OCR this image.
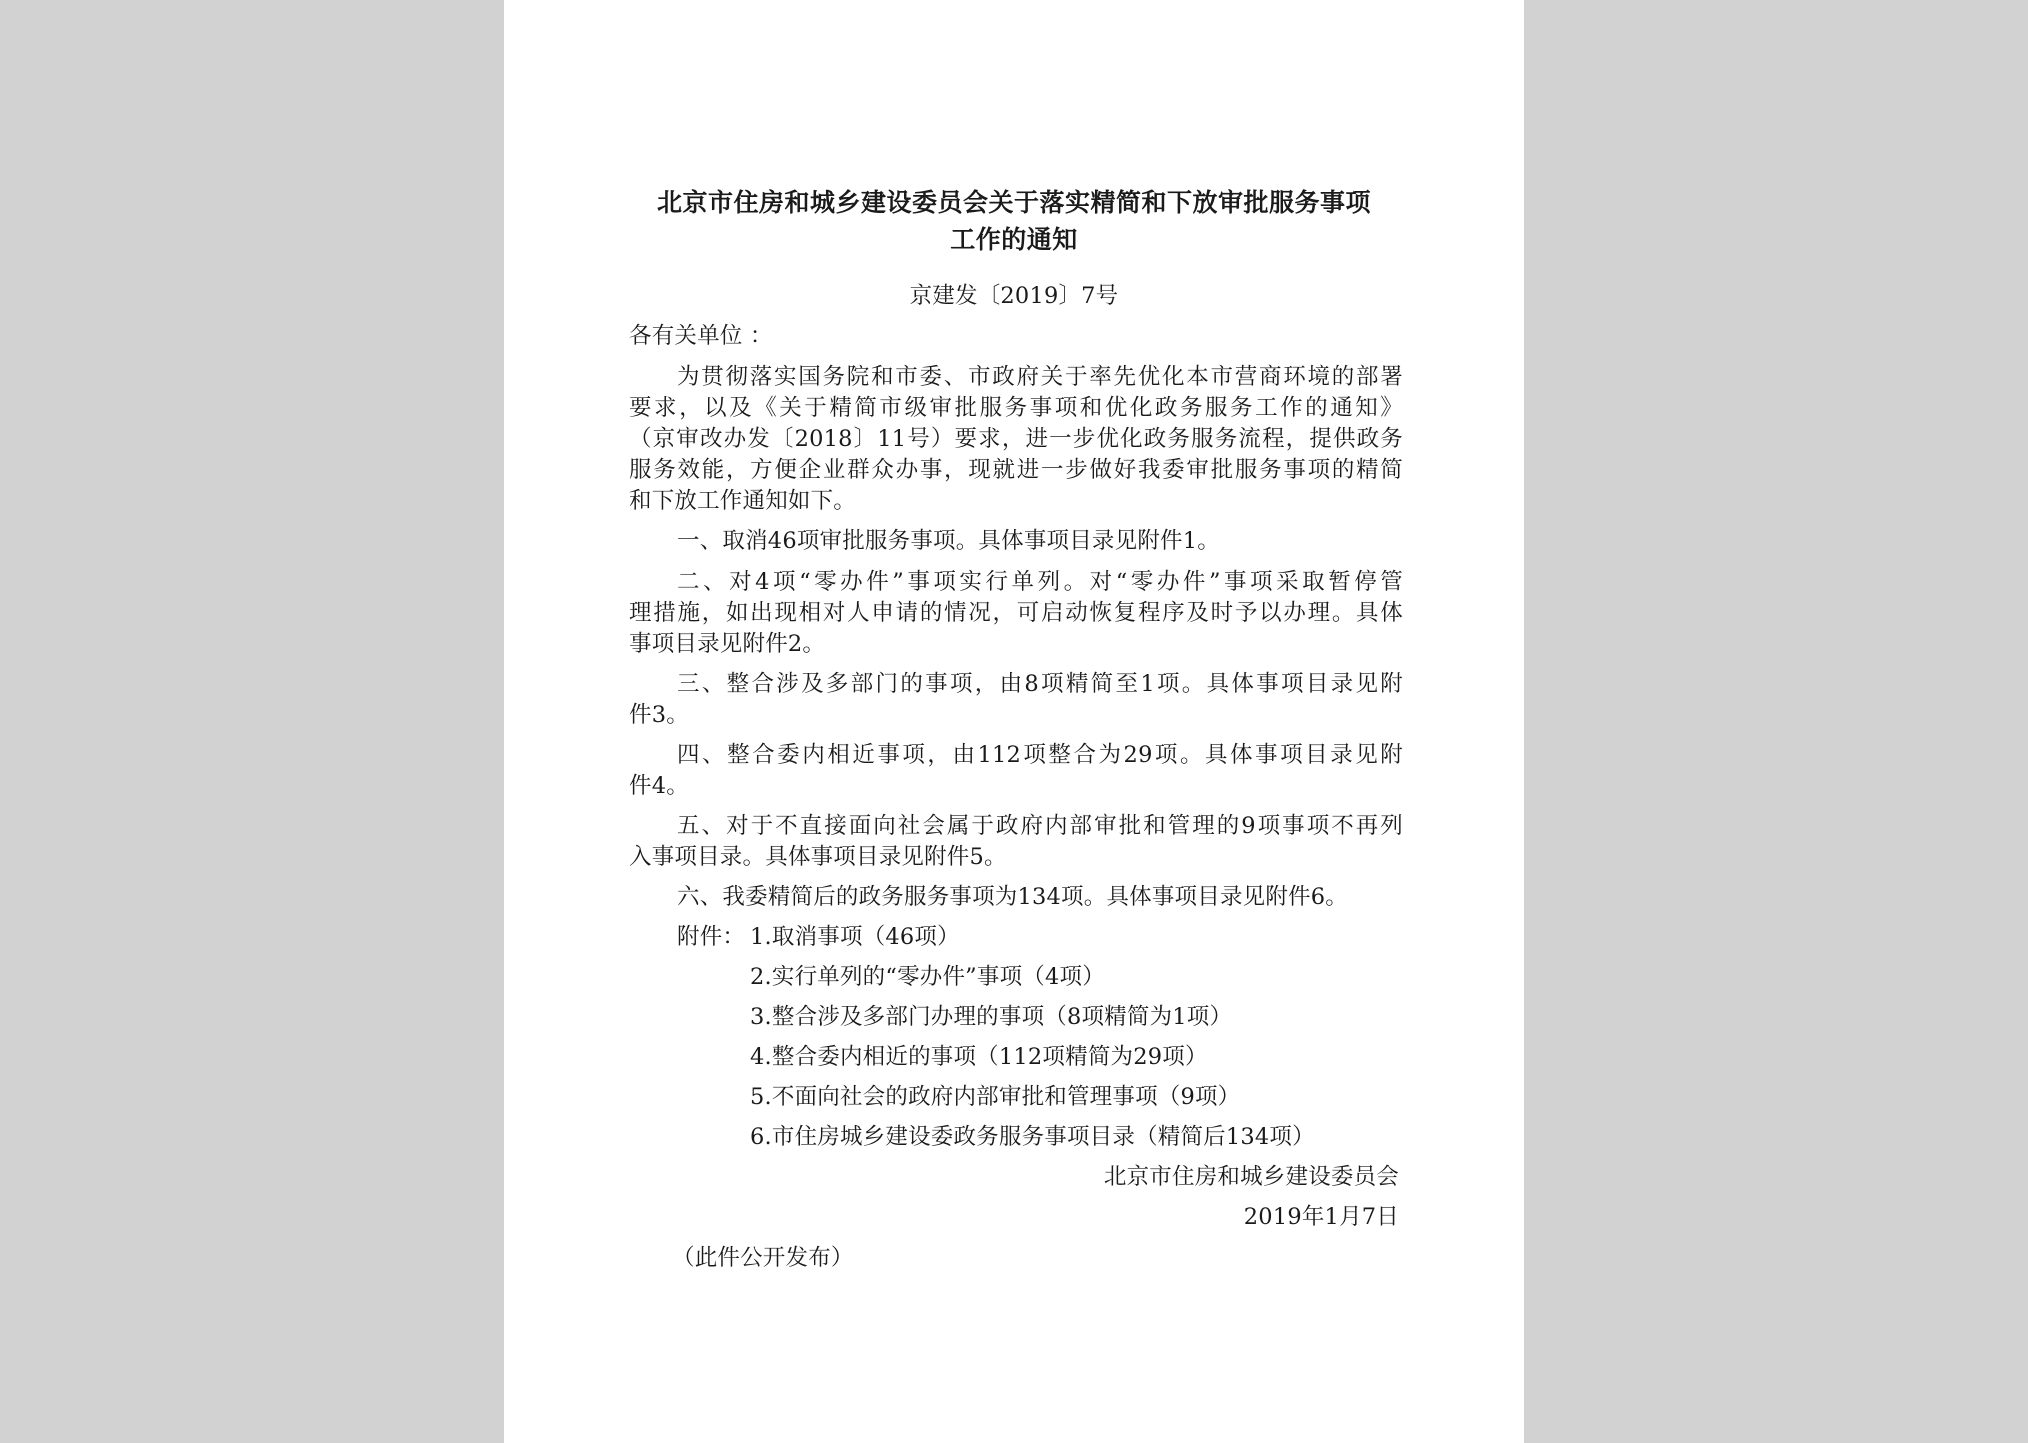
北京市住房和城乡建设委员会关于落实精简和下放审批服务事项
工作的通知
京建发〔2019〕7号
各有关单位 ：
为贯彻落实国务院和市委、市政府关于率先优化本市营商环境的部署
要求，以及《关于精简市级审批服务事项和优化政务服务工作的通知》
（京审改办发〔2018〕11号）要求，进一步优化政务服务流程，提供政务
服务效能，方便企业群众办事，现就进一步做好我委审批服务事项的精简
和下放工作通知如下。
一、取消46项审批服务事项。具体事项目录见附件1。
二、对4项“零办件”事项实行单列。对“零办件”事项采取暂停管
理措施，如出现相对人申请的情况，可启动恢复程序及时予以办理。具体
事项目录见附件2。
三、整合涉及多部门的事项，由8项精简至1项。具体事项目录见附
件3。
四、整合委内相近事项，由112项整合为29项。具体事项目录见附
件4。
五、对于不直接面向社会属于政府内部审批和管理的9项事项不再列
入事项目录。具体事项目录见附件5。
六、我委精简后的政务服务事项为134项。具体事项目录见附件6。
附件： 1.取消事项（46项）
2.实行单列的“零办件”事项（4项）
3.整合涉及多部门办理的事项（8项精简为1项）
4.整合委内相近的事项（112项精简为29项）
5.不面向社会的政府内部审批和管理事项（9项）
6.市住房城乡建设委政务服务事项目录（精简后134项）
北京市住房和城乡建设委员会
2019年1月7日
（此件公开发布）
